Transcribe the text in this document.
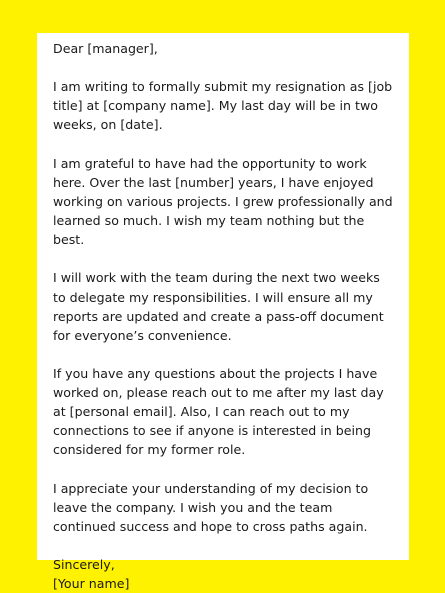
Dear [manager],

I am writing to formally submit my resignation as [job title] at [company name]. My last day will be in two weeks, on [date].

I am grateful to have had the opportunity to work here. Over the last [number] years, I have enjoyed working on various projects. I grew professionally and learned so much. I wish my team nothing but the best.

I will work with the team during the next two weeks to delegate my responsibilities. I will ensure all my reports are updated and create a pass-off document for everyone’s convenience.

If you have any questions about the projects I have worked on, please reach out to me after my last day at [personal email]. Also, I can reach out to my connections to see if anyone is interested in being considered for my former role.

I appreciate your understanding of my decision to leave the company. I wish you and the team continued success and hope to cross paths again.

Sincerely,
[Your name]
